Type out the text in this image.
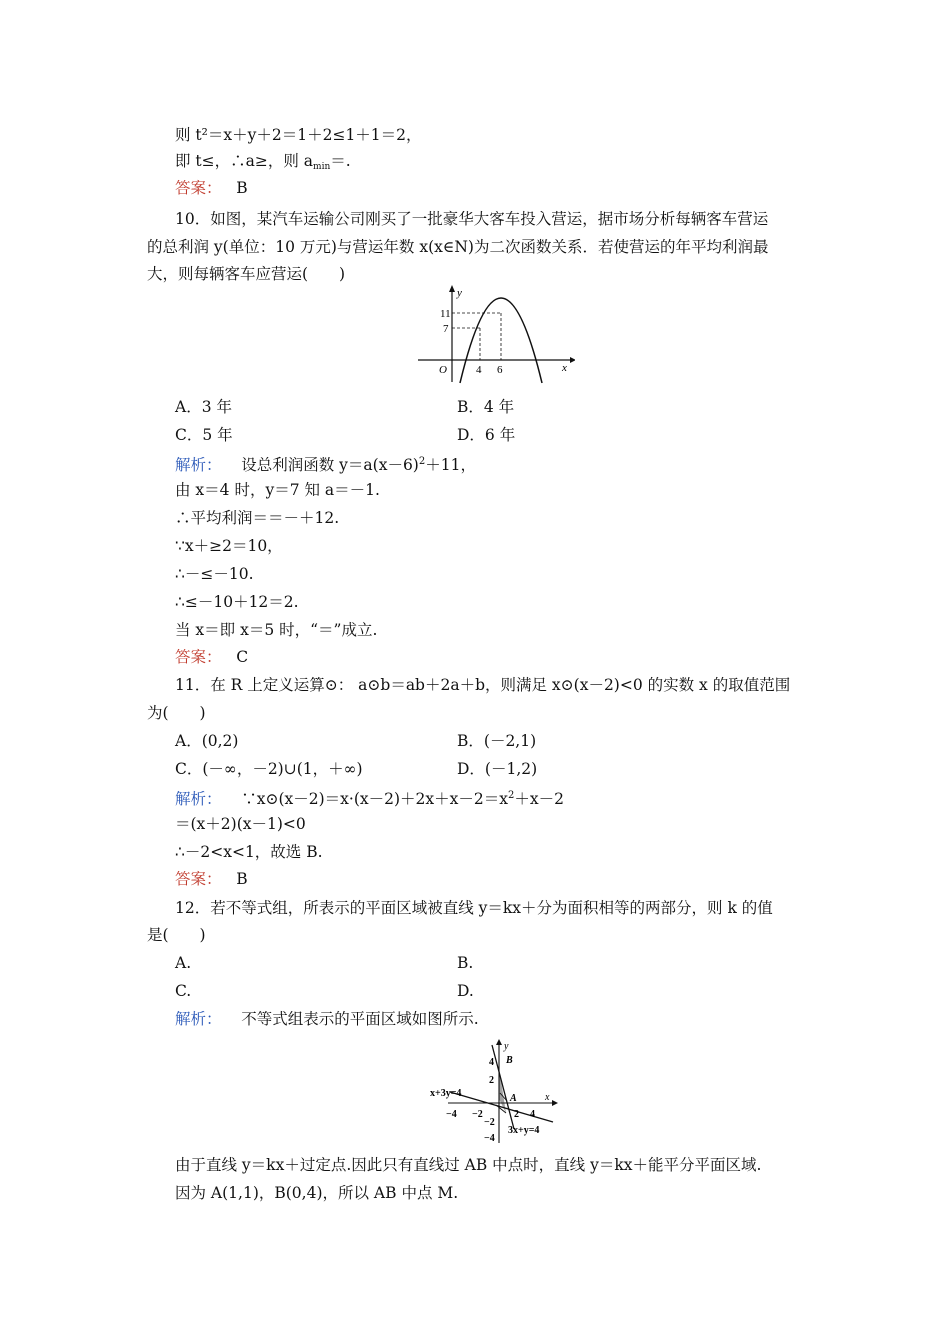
则 t²＝x＋y＋2＝1＋2≤1＋1＝2，
即 t≤，∴a≥，则 $a_{min}=$.
答案： B
10．如图，某汽车运输公司刚买了一批豪华大客车投入营运，据市场分析每辆客车营运
的总利润 y(单位：10 万元)与营运年数 x(x∈N)为二次函数关系．若使营运的年平均利润最
大，则每辆客车应营运(　　)
11
7
4 6
O	x
y
A．3 年	B．4 年
C．5 年	D．6 年
解析： 设总利润函数 $y=a(x-6)^2+11$，
由 x＝4 时，y＝7 知 a＝－1.
∴平均利润＝＝－＋12.
∵x＋≥2＝10，
∴－≤－10.
∴≤－10＋12＝2.
当 x＝即 x＝5 时，“＝”成立.
答案： C
11．在 R 上定义运算⊙： a⊙b＝ab＋2a＋b，则满足 x⊙(x－2)<0 的实数 x 的取值范围
为(　　)
A．(0,2)	B．(－2,1)
C．(－∞，－2)∪(1，＋∞)	D．(－1,2)
解析： $\because x⊙(x-2)=x\cdot(x-2)+2x+x-2=x^2+x-2$
＝(x＋2)(x－1)<0
∴－2<x<1，故选 B.
答案： B
12．若不等式组，所表示的平面区域被直线 y＝kx＋分为面积相等的两部分，则 k 的值
是(　　)
A.	B.
C.	D.
解析： 不等式组表示的平面区域如图所示.
x+3y=4
3x+y=4
−4 −2	2 4
4
2
−2
−4
A
B
x
y
由于直线 y＝kx＋过定点.因此只有直线过 AB 中点时，直线 y＝kx＋能平分平面区域.
因为 A(1,1)，B(0,4)，所以 AB 中点 M.
